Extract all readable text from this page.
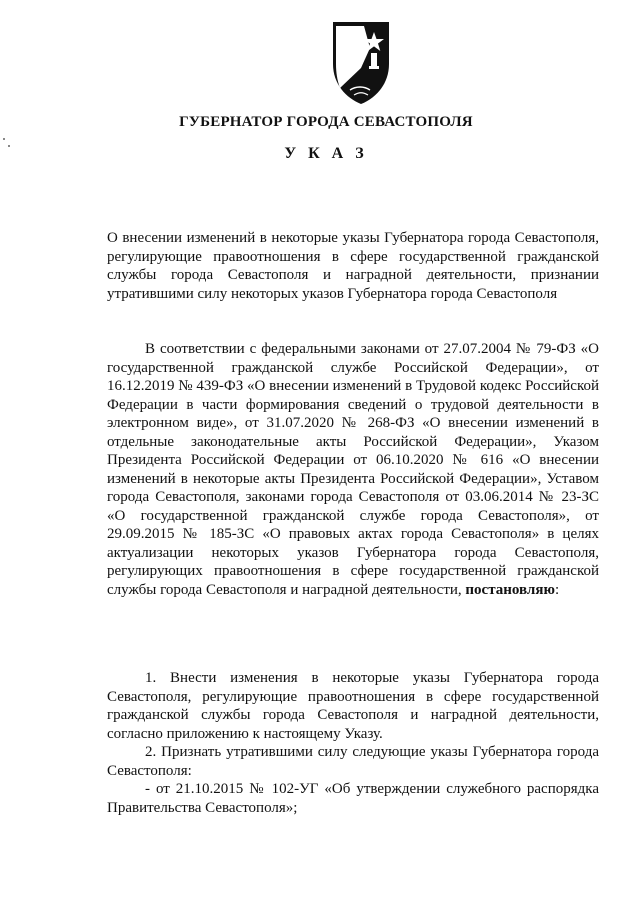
ГУБЕРНАТОР ГОРОДА СЕВАСТОПОЛЯ
У К А З
О внесении изменений в некоторые указы Губернатора города Севастополя, регулирующие правоотношения в сфере государственной гражданской службы города Севастополя и наградной деятельности, признании утратившими силу некоторых указов Губернатора города Севастополя
В соответствии с федеральными законами от 27.07.2004 № 79-ФЗ «О государственной гражданской службе Российской Федерации», от 16.12.2019 № 439-ФЗ «О внесении изменений в Трудовой кодекс Российской Федерации в части формирования сведений о трудовой деятельности в электронном виде», от 31.07.2020 № 268-ФЗ «О внесении изменений в отдельные законодательные акты Российской Федерации», Указом Президента Российской Федерации от 06.10.2020 № 616 «О внесении изменений в некоторые акты Президента Российской Федерации», Уставом города Севастополя, законами города Севастополя от 03.06.2014 № 23-ЗС «О государственной гражданской службе города Севастополя», от 29.09.2015 № 185-ЗС «О правовых актах города Севастополя» в целях актуализации некоторых указов Губернатора города Севастополя, регулирующих правоотношения в сфере государственной гражданской службы города Севастополя и наградной деятельности, постановляю:

1. Внести изменения в некоторые указы Губернатора города Севастополя, регулирующие правоотношения в сфере государственной гражданской службы города Севастополя и наградной деятельности, согласно приложению к настоящему Указу.

2. Признать утратившими силу следующие указы Губернатора города Севастополя:

- от 21.10.2015 № 102-УГ «Об утверждении служебного распорядка Правительства Севастополя»;
